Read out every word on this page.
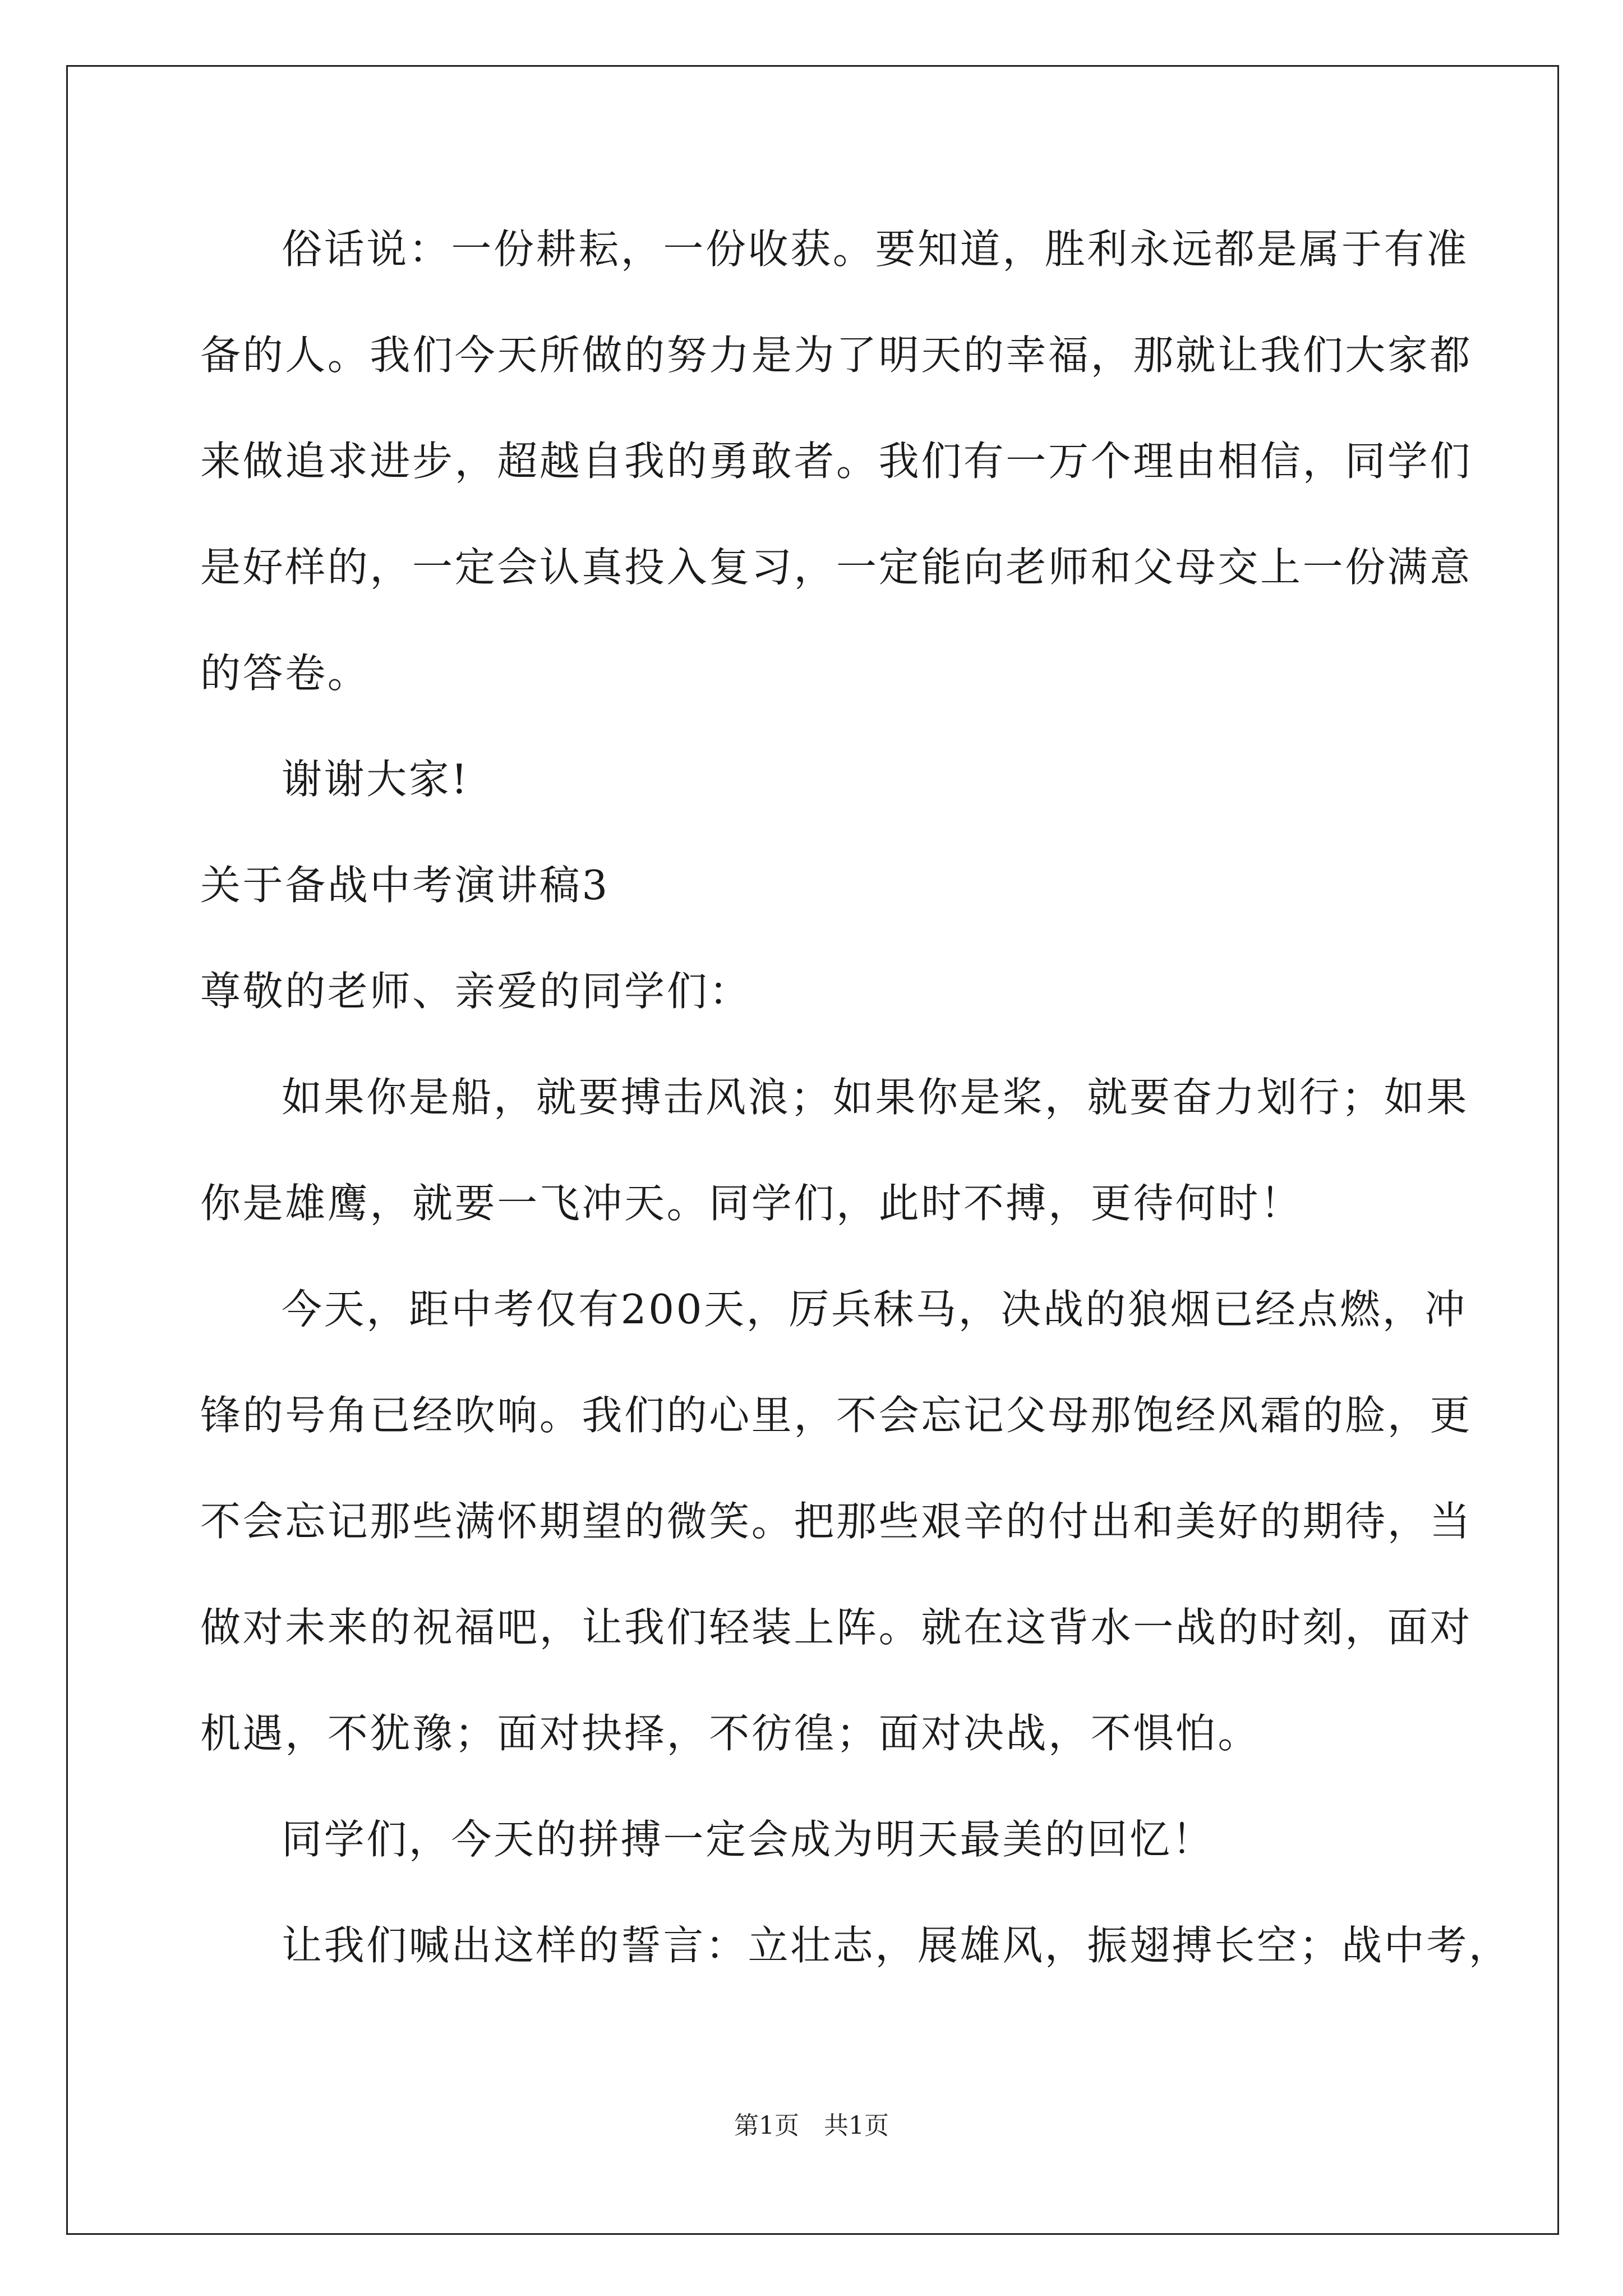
俗话说：一份耕耘，一份收获。要知道，胜利永远都是属于有准
备的人。我们今天所做的努力是为了明天的幸福，那就让我们大家都
来做追求进步，超越自我的勇敢者。我们有一万个理由相信，同学们
是好样的，一定会认真投入复习，一定能向老师和父母交上一份满意
的答卷。
谢谢大家!
关于备战中考演讲稿3
尊敬的老师、亲爱的同学们：
如果你是船，就要搏击风浪；如果你是桨，就要奋力划行；如果
你是雄鹰，就要一飞冲天。同学们，此时不搏，更待何时！
今天，距中考仅有200天，厉兵秣马，决战的狼烟已经点燃，冲
锋的号角已经吹响。我们的心里，不会忘记父母那饱经风霜的脸，更
不会忘记那些满怀期望的微笑。把那些艰辛的付出和美好的期待，当
做对未来的祝福吧，让我们轻装上阵。就在这背水一战的时刻，面对
机遇，不犹豫；面对抉择，不彷徨；面对决战，不惧怕。
同学们，今天的拼搏一定会成为明天最美的回忆！
让我们喊出这样的誓言：立壮志，展雄风，振翅搏长空；战中考，
第1页　共1页
